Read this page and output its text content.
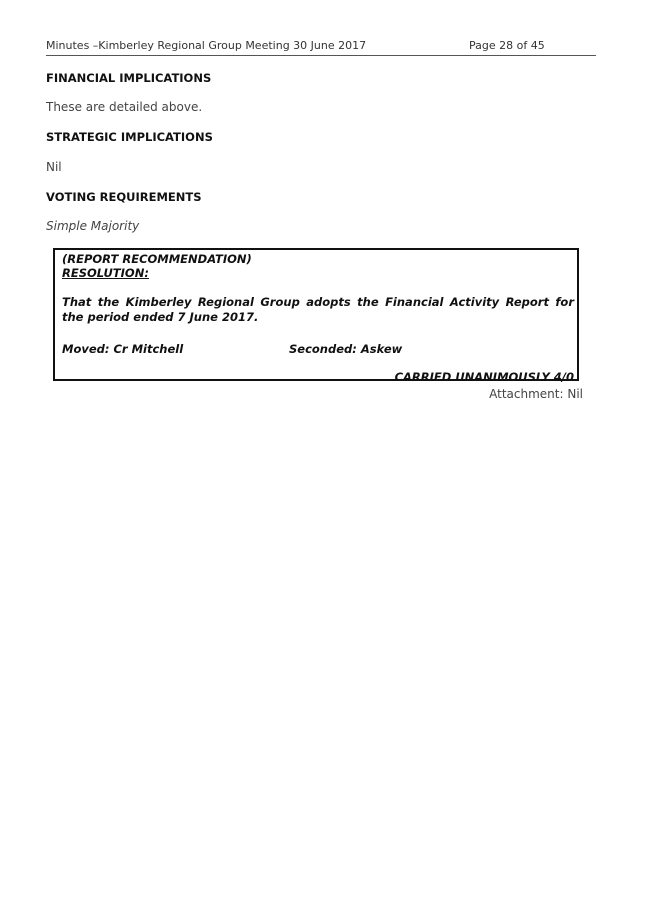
Minutes –Kimberley Regional Group Meeting 30 June 2017	Page 28 of 45
FINANCIAL IMPLICATIONS
These are detailed above.
STRATEGIC IMPLICATIONS
Nil
VOTING REQUIREMENTS
Simple Majority
(REPORT RECOMMENDATION)
RESOLUTION:
That the Kimberley Regional Group adopts the Financial Activity Report for the period ended 7 June 2017.
Moved: Cr Mitchell	Seconded: Askew
CARRIED UNANIMOUSLY 4/0
Attachment: Nil
